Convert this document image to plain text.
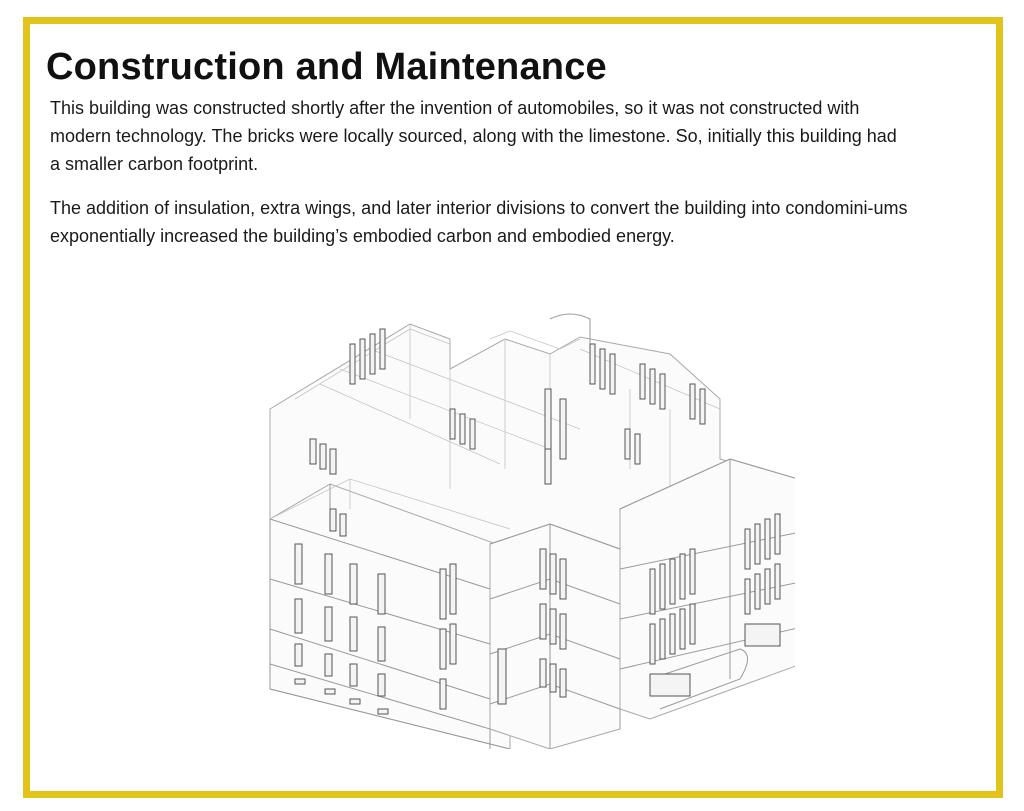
Construction and Maintenance

This building was constructed shortly after the invention of automobiles, so it was not constructed with modern technology. The bricks were locally sourced, along with the limestone. So, initially this building had a smaller carbon footprint.

The addition of insulation, extra wings, and later interior divisions to convert the building into condomini-ums exponentially increased the building’s embodied carbon and embodied energy.
